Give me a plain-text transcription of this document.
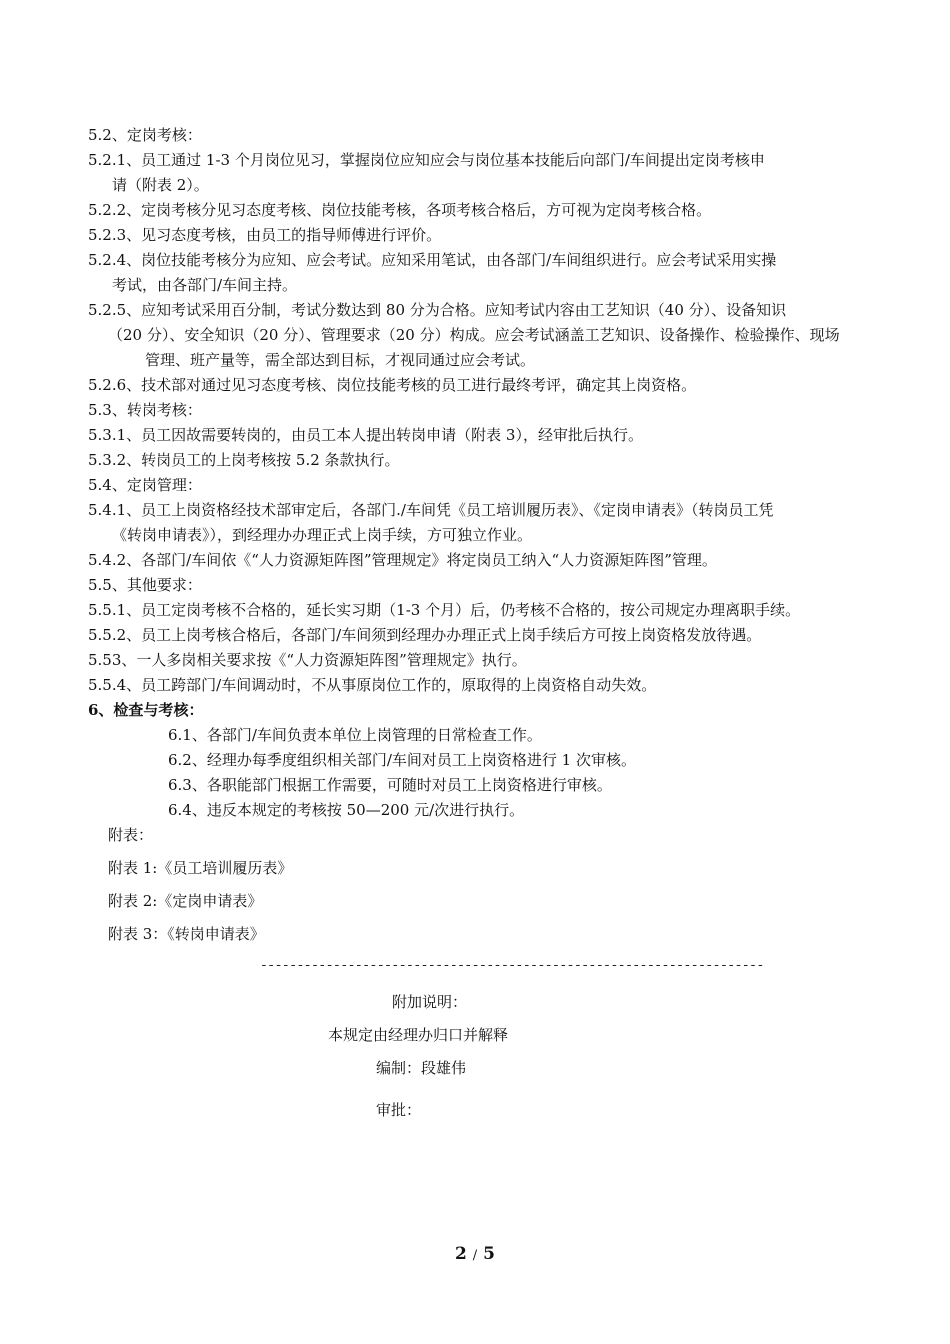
5.2、定岗考核：
5.2.1、员工通过 1-3 个月岗位见习，掌握岗位应知应会与岗位基本技能后向部门/车间提出定岗考核申
请（附表 2）。
5.2.2、定岗考核分见习态度考核、岗位技能考核，各项考核合格后，方可视为定岗考核合格。
5.2.3、见习态度考核，由员工的指导师傅进行评价。
5.2.4、岗位技能考核分为应知、应会考试。应知采用笔试，由各部门/车间组织进行。应会考试采用实操
考试，由各部门/车间主持。
5.2.5、应知考试采用百分制，考试分数达到 80 分为合格。应知考试内容由工艺知识（40 分）、设备知识
（20 分）、安全知识（20 分）、管理要求（20 分）构成。应会考试涵盖工艺知识、设备操作、检验操作、现场
管理、班产量等，需全部达到目标，才视同通过应会考试。
5.2.6、技术部对通过见习态度考核、岗位技能考核的员工进行最终考评，确定其上岗资格。
5.3、转岗考核：
5.3.1、员工因故需要转岗的，由员工本人提出转岗申请（附表 3），经审批后执行。
5.3.2、转岗员工的上岗考核按 5.2 条款执行。
5.4、定岗管理：
5.4.1、员工上岗资格经技术部审定后，各部门./车间凭《员工培训履历表》、《定岗申请表》（转岗员工凭
《转岗申请表》），到经理办办理正式上岗手续，方可独立作业。
5.4.2、各部门/车间依《“人力资源矩阵图”管理规定》将定岗员工纳入“人力资源矩阵图”管理。
5.5、其他要求：
5.5.1、员工定岗考核不合格的，延长实习期（1-3 个月）后，仍考核不合格的，按公司规定办理离职手续。
5.5.2、员工上岗考核合格后，各部门/车间须到经理办办理正式上岗手续后方可按上岗资格发放待遇。
5.53、一人多岗相关要求按《“人力资源矩阵图”管理规定》执行。
5.5.4、员工跨部门/车间调动时，不从事原岗位工作的，原取得的上岗资格自动失效。
6、检查与考核：
6.1、各部门/车间负责本单位上岗管理的日常检查工作。
6.2、经理办每季度组织相关部门/车间对员工上岗资格进行 1 次审核。
6.3、各职能部门根据工作需要，可随时对员工上岗资格进行审核。
6.4、违反本规定的考核按 50—200 元/次进行执行。
附表：
附表 1:《员工培训履历表》
附表 2:《定岗申请表》
附表 3：《转岗申请表》
---------------------------------------------------------------------
附加说明：
本规定由经理办归口并解释
编制：段雄伟
审批：
2 / 5
